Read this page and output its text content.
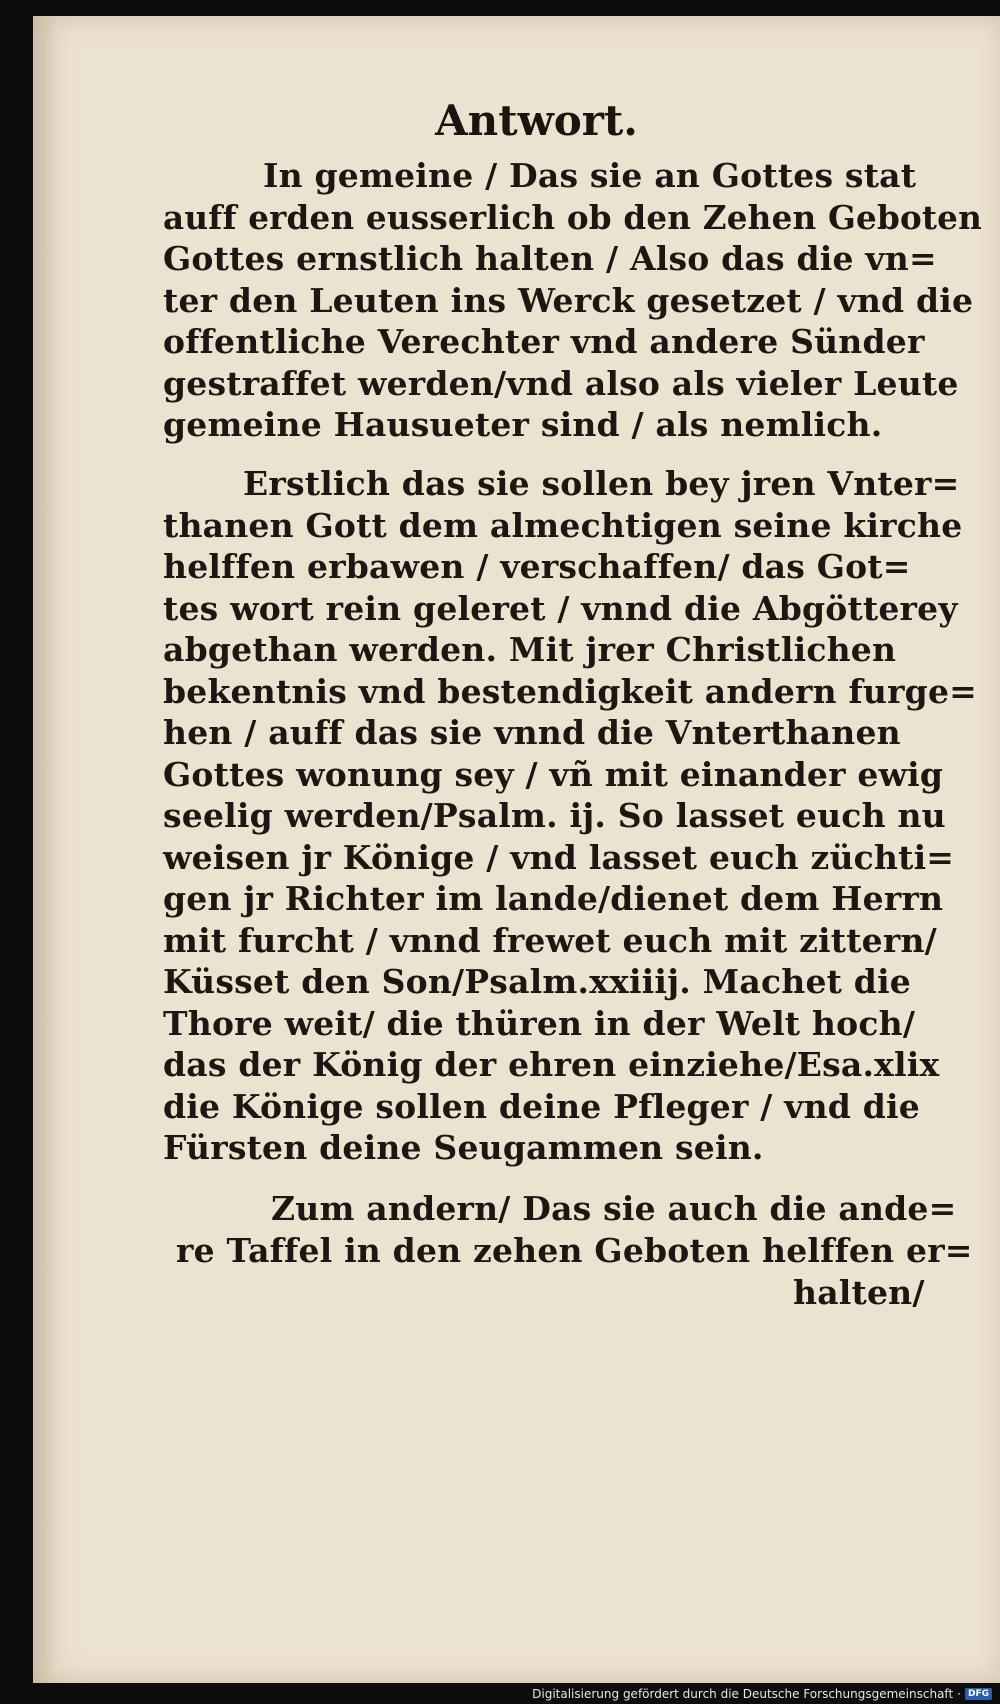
Antwort.
In gemeine / Das sie an Gottes stat
auff erden eusserlich ob den Zehen Geboten
Gottes ernstlich halten / Also das die vn=
ter den Leuten ins Werck gesetzet / vnd die
offentliche Verechter vnd andere Sünder
gestraffet werden/vnd also als vieler Leute
gemeine Hausueter sind / als nemlich.
Erstlich das sie sollen bey jren Vnter=
thanen Gott dem almechtigen seine kirche
helffen erbawen / verschaffen/ das Got=
tes wort rein geleret / vnnd die Abgötterey
abgethan werden. Mit jrer Christlichen
bekentnis vnd bestendigkeit andern furge=
hen / auff das sie vnnd die Vnterthanen
Gottes wonung sey / vñ mit einander ewig
seelig werden/Psalm. ij. So lasset euch nu
weisen jr Könige / vnd lasset euch züchti=
gen jr Richter im lande/dienet dem Herrn
mit furcht / vnnd frewet euch mit zittern/
Küsset den Son/Psalm.xxiiij. Machet die
Thore weit/ die thüren in der Welt hoch/
das der König der ehren einziehe/Esa.xlix
die Könige sollen deine Pfleger / vnd die
Fürsten deine Seugammen sein.
Zum andern/ Das sie auch die ande=
re Taffel in den zehen Geboten helffen er=
halten/
Digitalisierung gefördert durch die Deutsche Forschungsgemeinschaft · DFG
